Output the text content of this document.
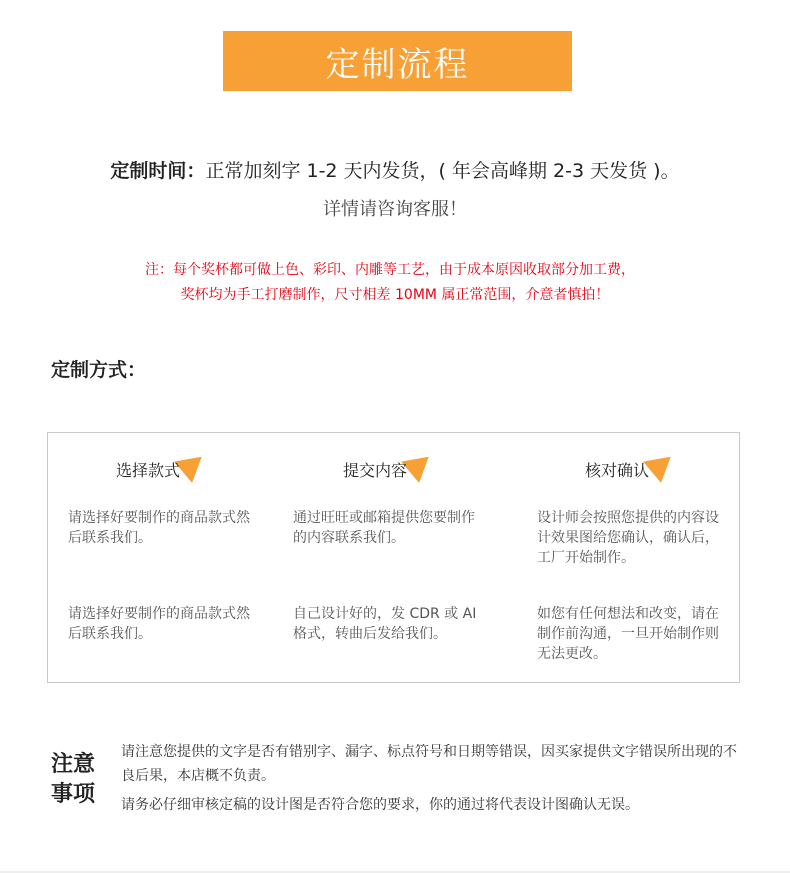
定制流程
定制时间：正常加刻字 1-2 天内发货，( 年会高峰期 2-3 天发货 )。
详情请咨询客服！
注：每个奖杯都可做上色、彩印、内雕等工艺，由于成本原因收取部分加工费，
奖杯均为手工打磨制作，尺寸相差 10MM 属正常范围，介意者慎拍！
定制方式：
选择款式
请选择好要制作的商品款式然后联系我们。
请选择好要制作的商品款式然后联系我们。
提交内容
通过旺旺或邮箱提供您要制作的内容联系我们。
自己设计好的，发 CDR 或 AI 格式，转曲后发给我们。
核对确认
设计师会按照您提供的内容设计效果图给您确认，确认后，工厂开始制作。
如您有任何想法和改变，请在制作前沟通，一旦开始制作则无法更改。
注意
事项
请注意您提供的文字是否有错别字、漏字、标点符号和日期等错误，因买家提供文字错误所出现的不良后果，本店概不负责。
请务必仔细审核定稿的设计图是否符合您的要求，你的通过将代表设计图确认无误。
